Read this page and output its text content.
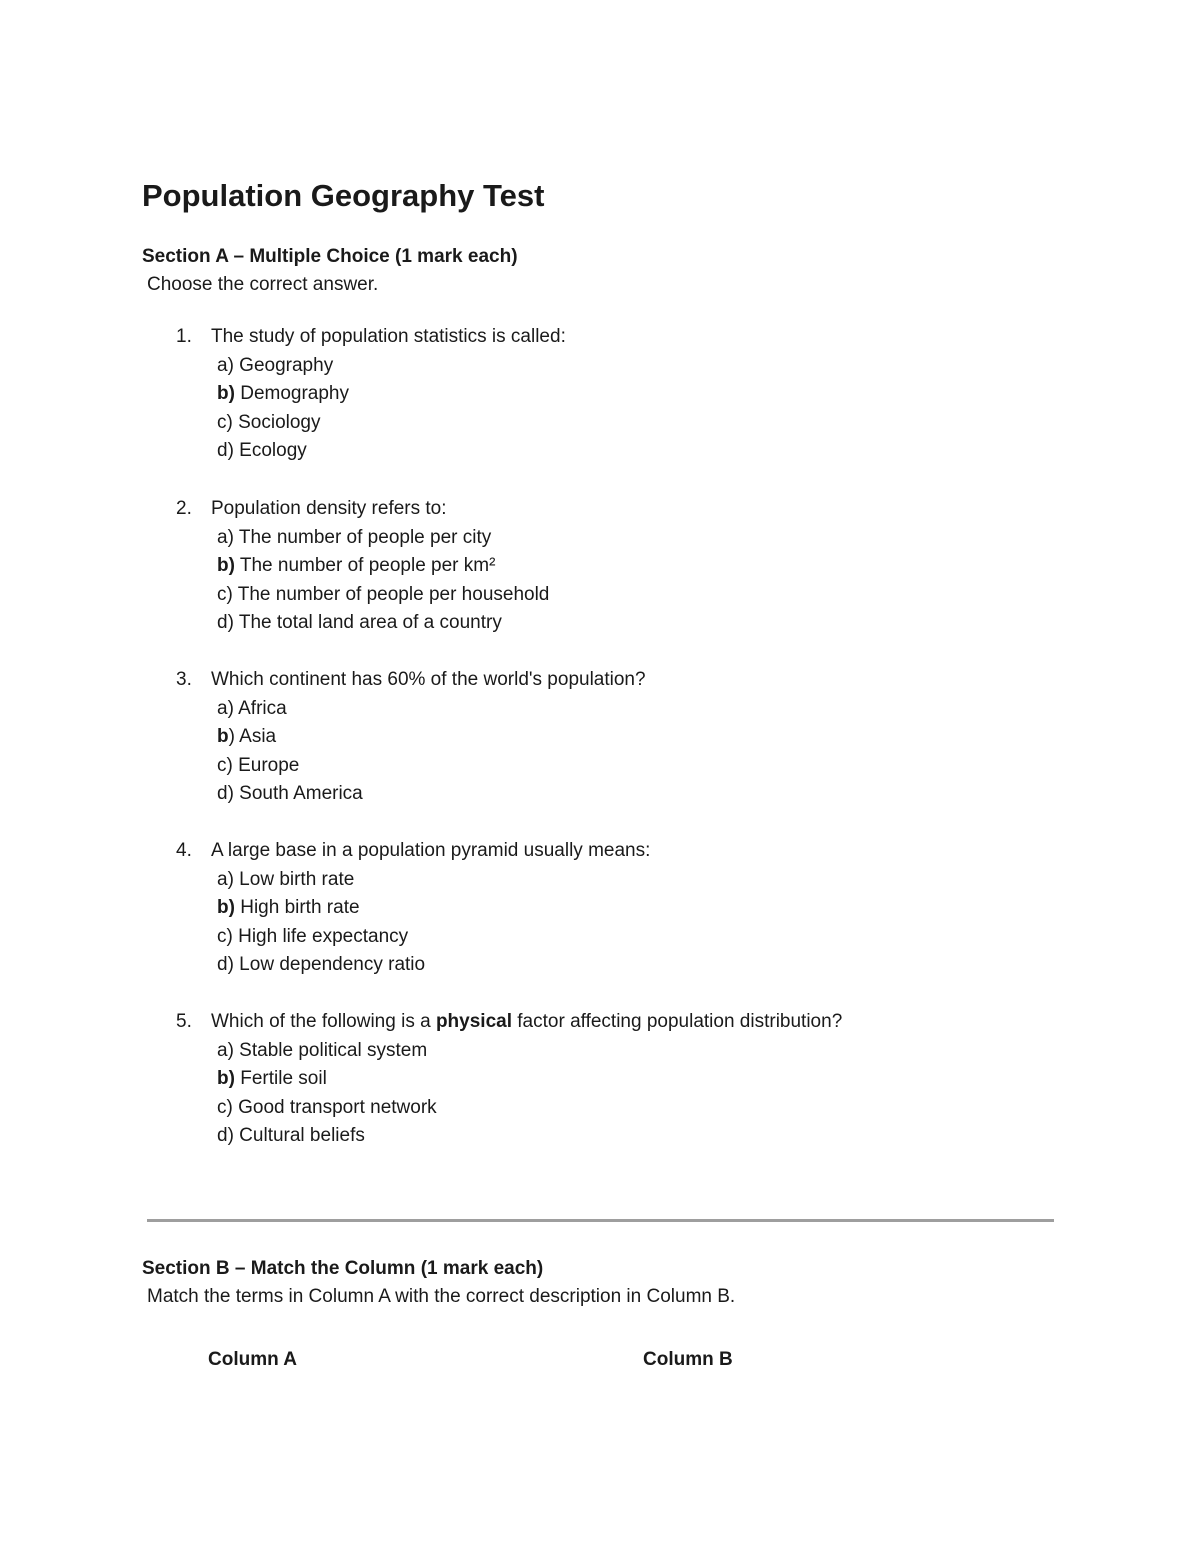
Population Geography Test
Section A – Multiple Choice (1 mark each)
Choose the correct answer.
1. The study of population statistics is called:
a) Geography
b) Demography
c) Sociology
d) Ecology
2. Population density refers to:
a) The number of people per city
b) The number of people per km²
c) The number of people per household
d) The total land area of a country
3. Which continent has 60% of the world's population?
a) Africa
b) Asia
c) Europe
d) South America
4. A large base in a population pyramid usually means:
a) Low birth rate
b) High birth rate
c) High life expectancy
d) Low dependency ratio
5. Which of the following is a physical factor affecting population distribution?
a) Stable political system
b) Fertile soil
c) Good transport network
d) Cultural beliefs
Section B – Match the Column (1 mark each)
Match the terms in Column A with the correct description in Column B.
Column A	Column B
